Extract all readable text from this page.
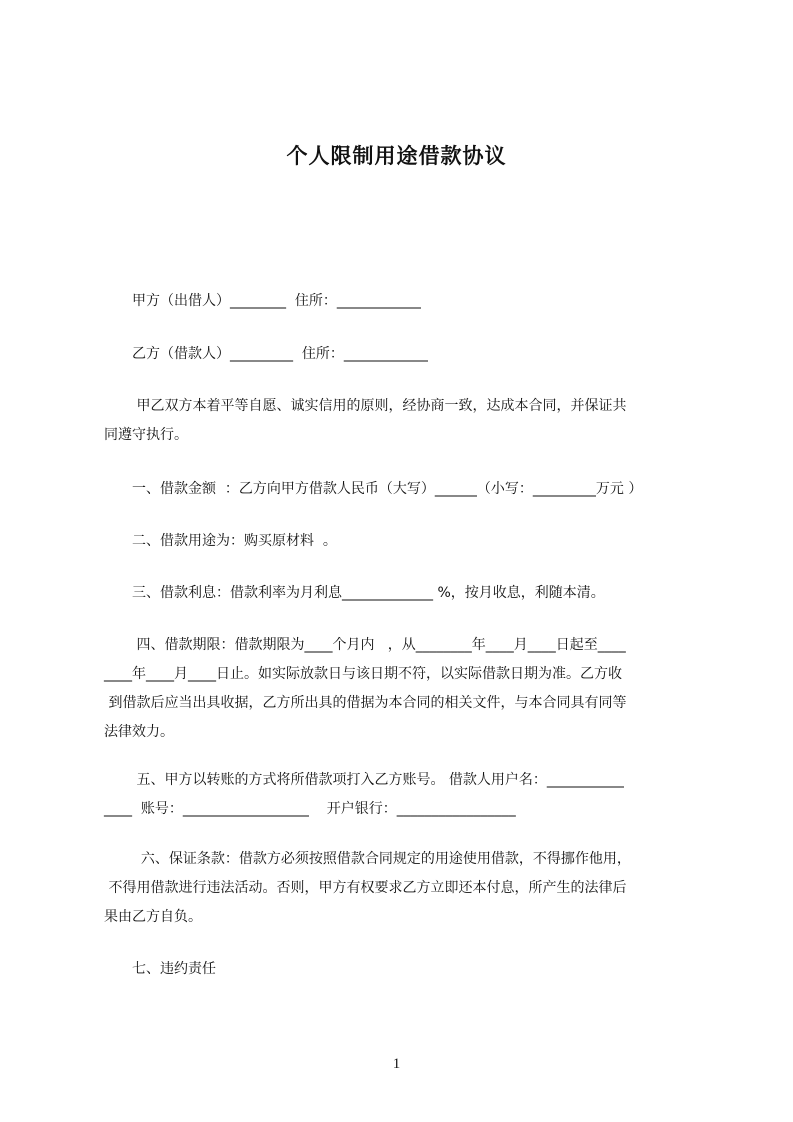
个人限制用途借款协议
　　甲方（出借人）________  住所：____________
　　乙方（借款人）_________  住所：____________
　　 甲乙双方本着平等自愿、诚实信用的原则，经协商一致，达成本合同，并保证共
同遵守执行。
　　一、借款金额  ：乙方向甲方借款人民币（大写）______（小写：_________万元 ）
　　二、借款用途为：购买原材料  。
　　三、借款利息：借款利率为月利息_____________ %，按月收息，利随本清。
　　 四、借款期限：借款期限为____个月内   ，从________年____月____日起至____
____年____月____日止。如实际放款日与该日期不符，以实际借款日期为准。乙方收
到借款后应当出具收据，乙方所出具的借据为本合同的相关文件，与本合同具有同等
法律效力。
　　 五、甲方以转账的方式将所借款项打入乙方账号。 借款人用户名：___________
____  账号：__________________    开户银行：_________________
　　  六、保证条款：借款方必须按照借款合同规定的用途使用借款，不得挪作他用，
不得用借款进行违法活动。否则，甲方有权要求乙方立即还本付息，所产生的法律后
果由乙方自负。
　　七、违约责任
1
